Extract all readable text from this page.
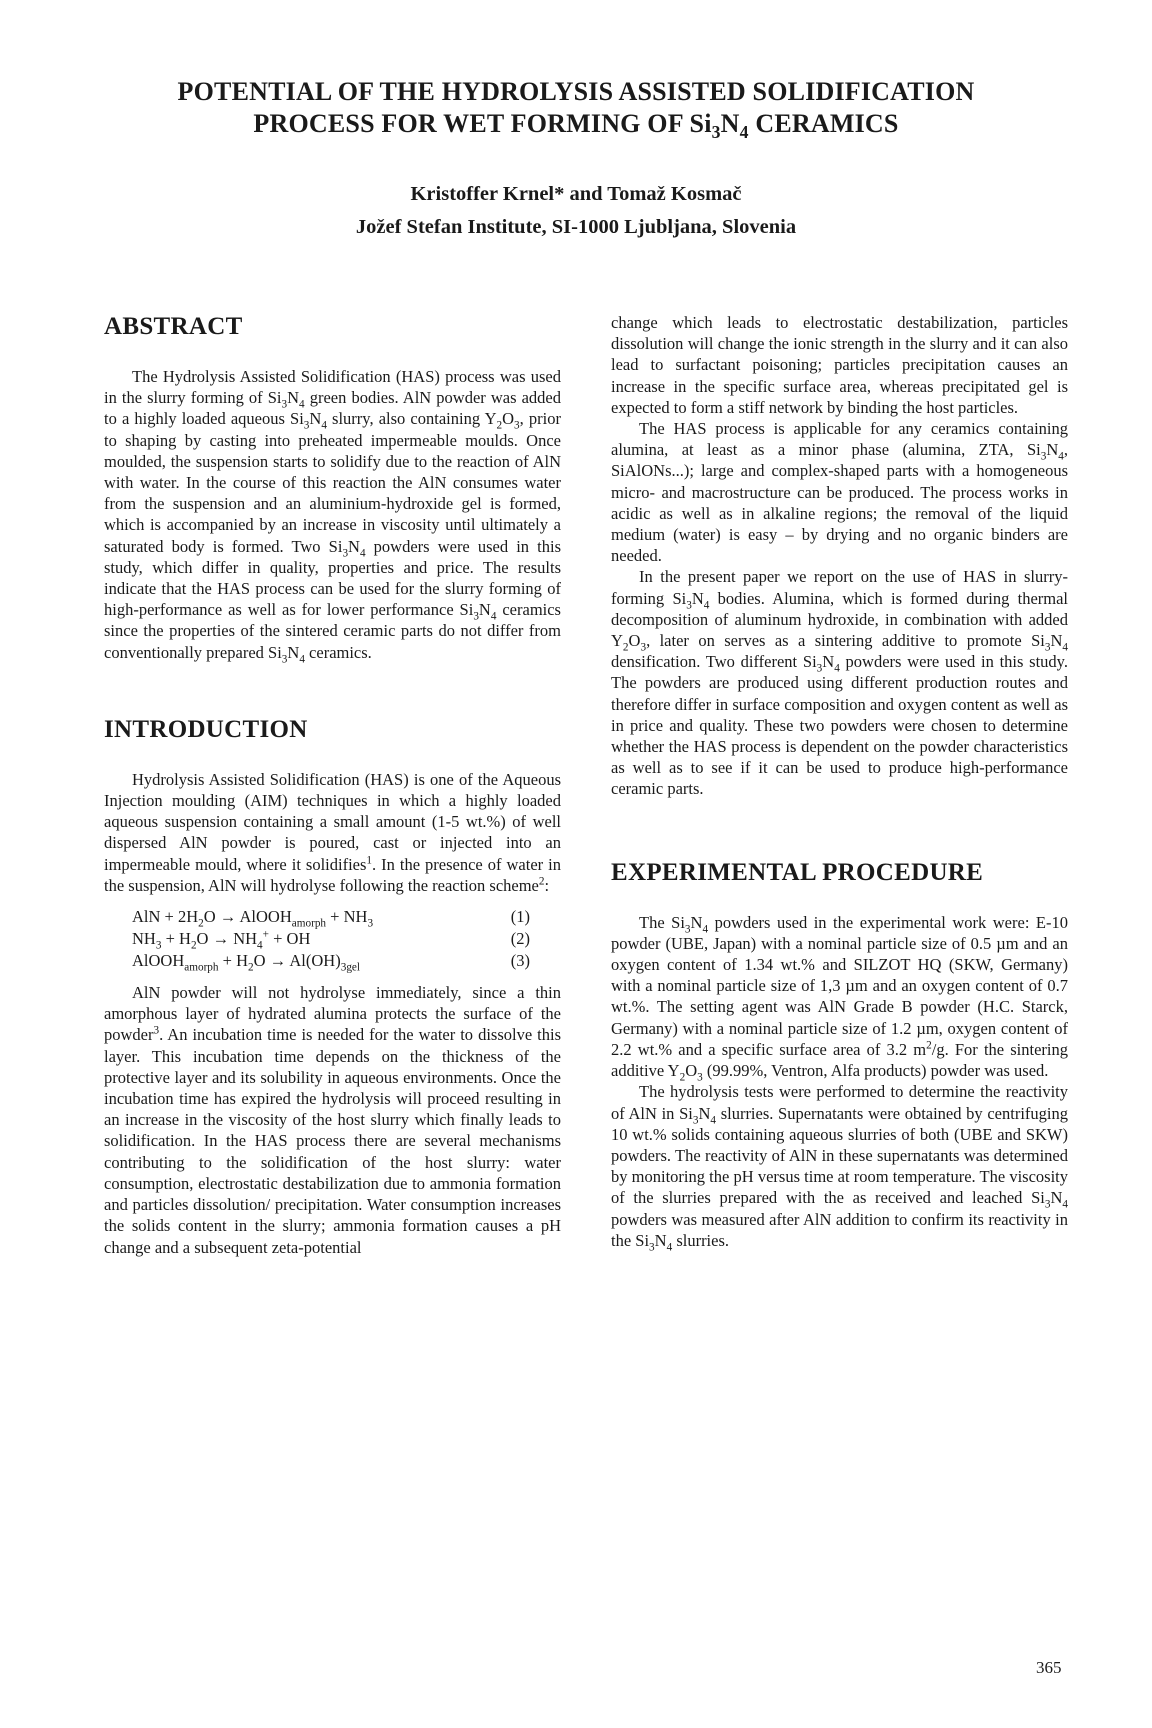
POTENTIAL OF THE HYDROLYSIS ASSISTED SOLIDIFICATION
PROCESS FOR WET FORMING OF $Si_3N_4$ CERAMICS
Kristoffer Krnel* and Tomaž Kosmač
Jožef Stefan Institute, SI-1000 Ljubljana, Slovenia
ABSTRACT

The Hydrolysis Assisted Solidification (HAS) process was used in the slurry forming of $Si_3N_4$ green bodies. AlN powder was added to a highly loaded aqueous $Si_3N_4$ slurry, also containing $Y_2O_3$, prior to shaping by casting into preheated impermeable moulds. Once moulded, the suspension starts to solidify due to the reaction of AlN with water. In the course of this reaction the AlN consumes water from the suspension and an aluminium-hydroxide gel is formed, which is accompanied by an increase in viscosity until ultimately a saturated body is formed. Two $Si_3N_4$ powders were used in this study, which differ in quality, properties and price. The results indicate that the HAS process can be used for the slurry forming of high-performance as well as for lower performance $Si_3N_4$ ceramics since the properties of the sintered ceramic parts do not differ from conventionally prepared $Si_3N_4$ ceramics.

INTRODUCTION

Hydrolysis Assisted Solidification (HAS) is one of the Aqueous Injection moulding (AIM) techniques in which a highly loaded aqueous suspension containing a small amount (1-5 wt.%) of well dispersed AlN powder is poured, cast or injected into an impermeable mould, where it solidifies$^1$. In the presence of water in the suspension, AlN will hydrolyse following the reaction scheme$^2$:

AlN + $2H_2O$ → AlOOH$_{amorph}$ + $NH_3$	(1)
$NH_3 + H_2O \to NH_4^+$ + OH	(2)
AlOOH$_{amorph}$ + $H_2O \to Al(OH)_{3gel}$	(3)

AlN powder will not hydrolyse immediately, since a thin amorphous layer of hydrated alumina protects the surface of the powder$^3$. An incubation time is needed for the water to dissolve this layer. This incubation time depends on the thickness of the protective layer and its solubility in aqueous environments. Once the incubation time has expired the hydrolysis will proceed resulting in an increase in the viscosity of the host slurry which finally leads to solidification. In the HAS process there are several mechanisms contributing to the solidification of the host slurry: water consumption, electrostatic destabilization due to ammonia formation and particles dissolution/ precipitation. Water consumption increases the solids content in the slurry; ammonia formation causes a pH change and a subsequent zeta-potential

change which leads to electrostatic destabilization, particles dissolution will change the ionic strength in the slurry and it can also lead to surfactant poisoning; particles precipitation causes an increase in the specific surface area, whereas precipitated gel is expected to form a stiff network by binding the host particles.

The HAS process is applicable for any ceramics containing alumina, at least as a minor phase (alumina, ZTA, $Si_3N_4$, SiAlONs...); large and complex-shaped parts with a homogeneous micro- and macrostructure can be produced. The process works in acidic as well as in alkaline regions; the removal of the liquid medium (water) is easy – by drying and no organic binders are needed.

In the present paper we report on the use of HAS in slurry-forming $Si_3N_4$ bodies. Alumina, which is formed during thermal decomposition of aluminum hydroxide, in combination with added $Y_2O_3$, later on serves as a sintering additive to promote $Si_3N_4$ densification. Two different $Si_3N_4$ powders were used in this study. The powders are produced using different production routes and therefore differ in surface composition and oxygen content as well as in price and quality. These two powders were chosen to determine whether the HAS process is dependent on the powder characteristics as well as to see if it can be used to produce high-performance ceramic parts.

EXPERIMENTAL PROCEDURE

The $Si_3N_4$ powders used in the experimental work were: E-10 powder (UBE, Japan) with a nominal particle size of 0.5 µm and an oxygen content of 1.34 wt.% and SILZOT HQ (SKW, Germany) with a nominal particle size of 1,3 µm and an oxygen content of 0.7 wt.%. The setting agent was AlN Grade B powder (H.C. Starck, Germany) with a nominal particle size of 1.2 µm, oxygen content of 2.2 wt.% and a specific surface area of 3.2 $m^2/g$. For the sintering additive $Y_2O_3$ (99.99%, Ventron, Alfa products) powder was used.

The hydrolysis tests were performed to determine the reactivity of AlN in $Si_3N_4$ slurries. Supernatants were obtained by centrifuging 10 wt.% solids containing aqueous slurries of both (UBE and SKW) powders. The reactivity of AlN in these supernatants was determined by monitoring the pH versus time at room temperature. The viscosity of the slurries prepared with the as received and leached $Si_3N_4$ powders was measured after AlN addition to confirm its reactivity in the $Si_3N_4$ slurries.

365
